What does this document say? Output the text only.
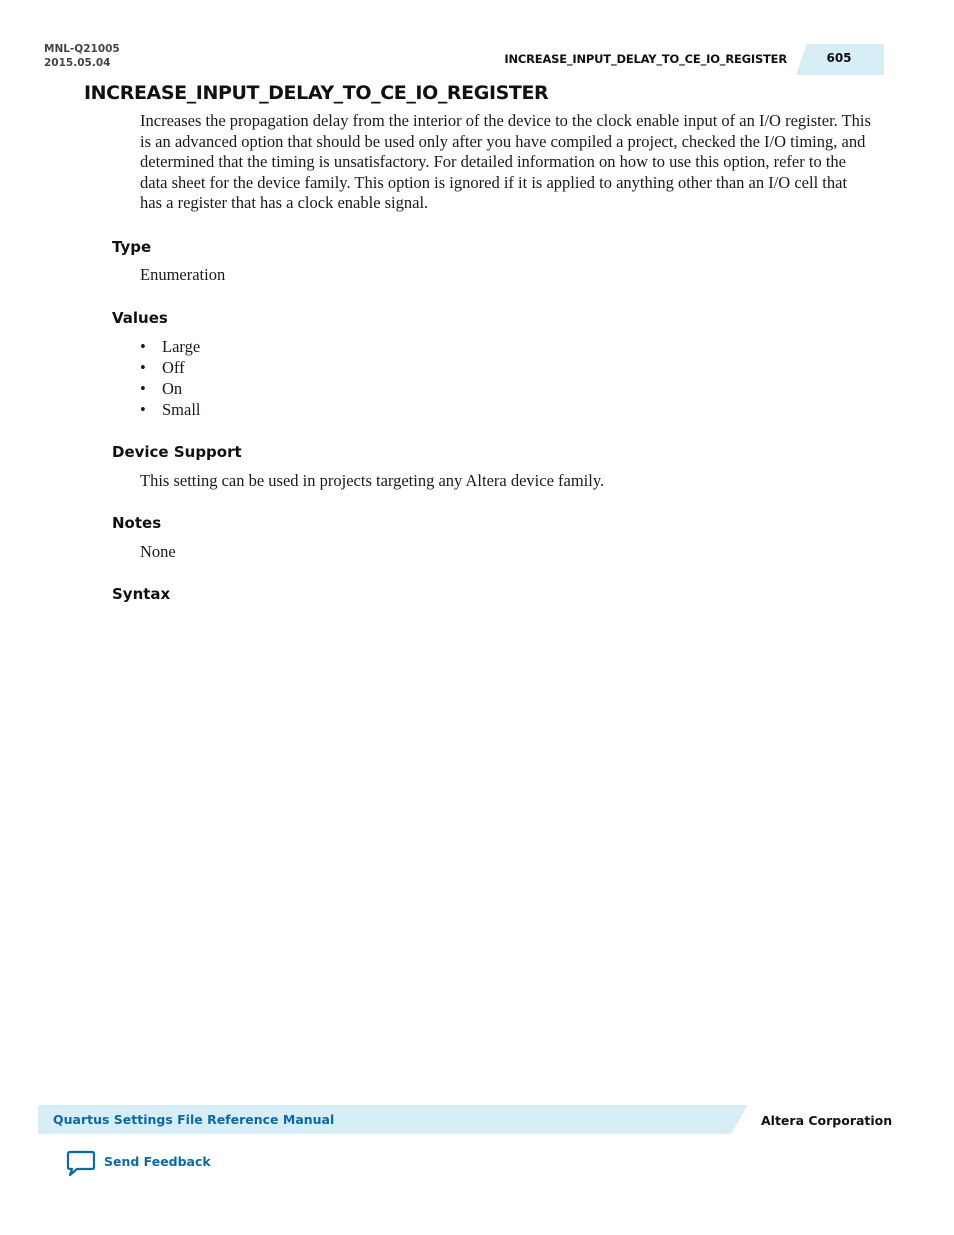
MNL-Q21005
2015.05.04	INCREASE_INPUT_DELAY_TO_CE_IO_REGISTER	605
INCREASE_INPUT_DELAY_TO_CE_IO_REGISTER

Increases the propagation delay from the interior of the device to the clock enable input of an I/O register. This is an advanced option that should be used only after you have compiled a project, checked the I/O timing, and determined that the timing is unsatisfactory. For detailed information on how to use this option, refer to the data sheet for the device family. This option is ignored if it is applied to anything other than an I/O cell that has a register that has a clock enable signal.

Type

Enumeration

Values
• Large
• Off
• On
• Small
Device Support

This setting can be used in projects targeting any Altera device family.

Notes

None

Syntax
Quartus Settings File Reference Manual	Altera Corporation
Send Feedback
